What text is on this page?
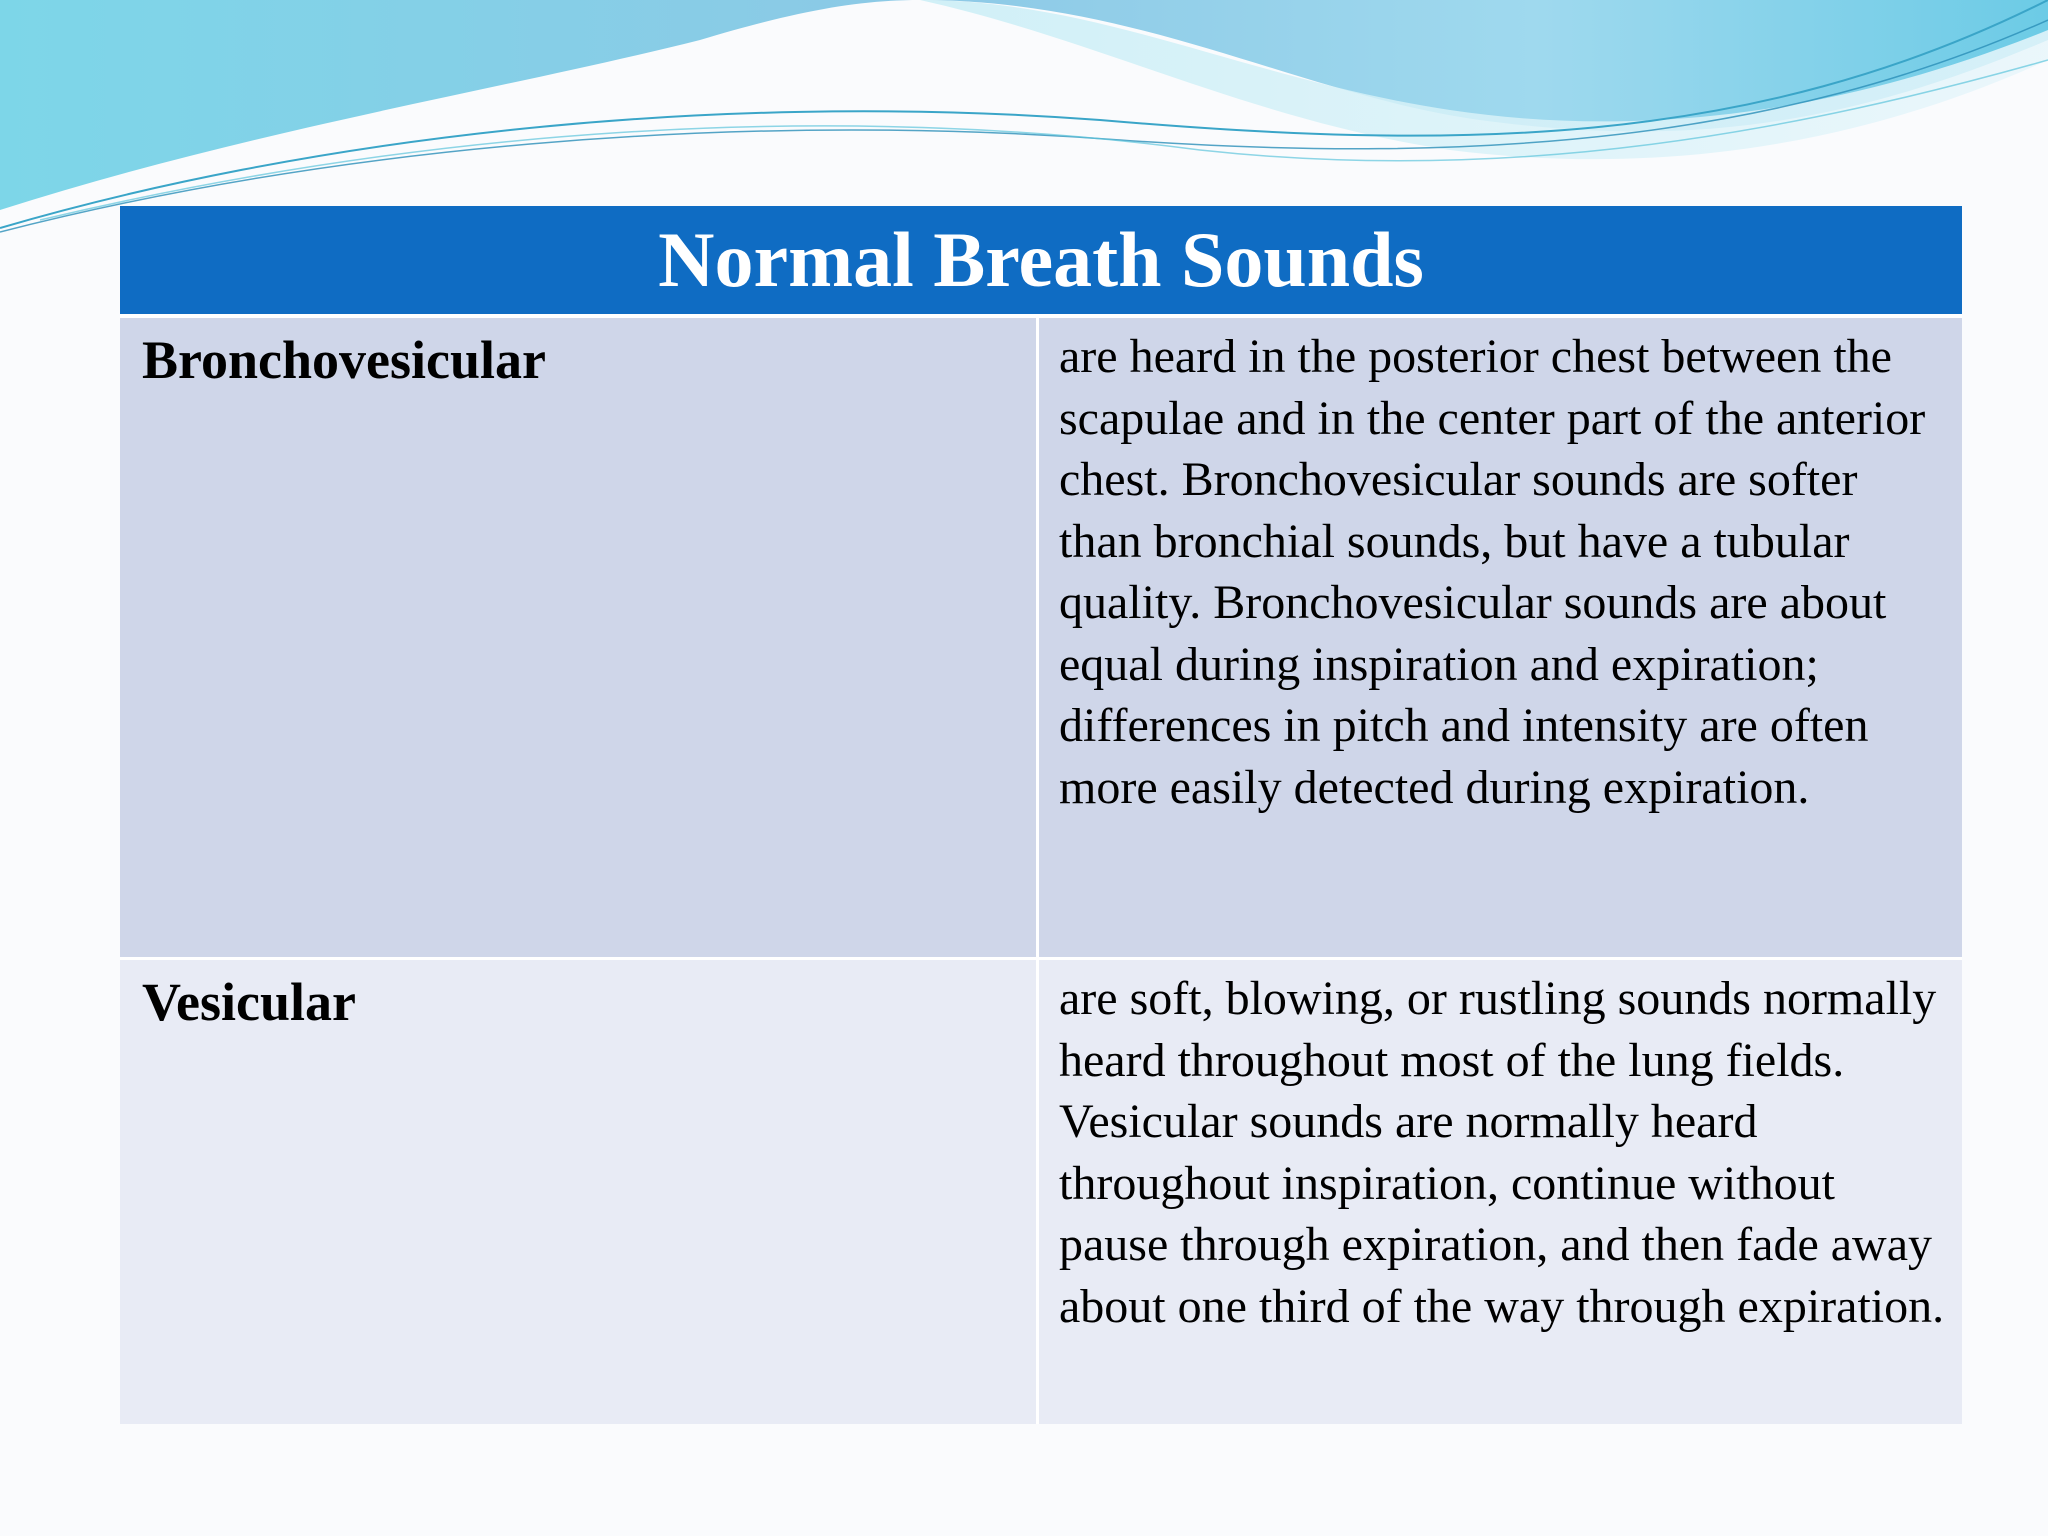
Normal Breath Sounds	
Bronchovesicular	are heard in the posterior chest between the scapulae and in the center part of the anterior chest. Bronchovesicular sounds are softer than bronchial sounds, but have a tubular quality. Bronchovesicular sounds are about equal during inspiration and expiration; differences in pitch and intensity are often more easily detected during expiration.
Vesicular	are soft, blowing, or rustling sounds normally heard throughout most of the lung fields. Vesicular sounds are normally heard throughout inspiration, continue without pause through expiration, and then fade away about one third of the way through expiration.
